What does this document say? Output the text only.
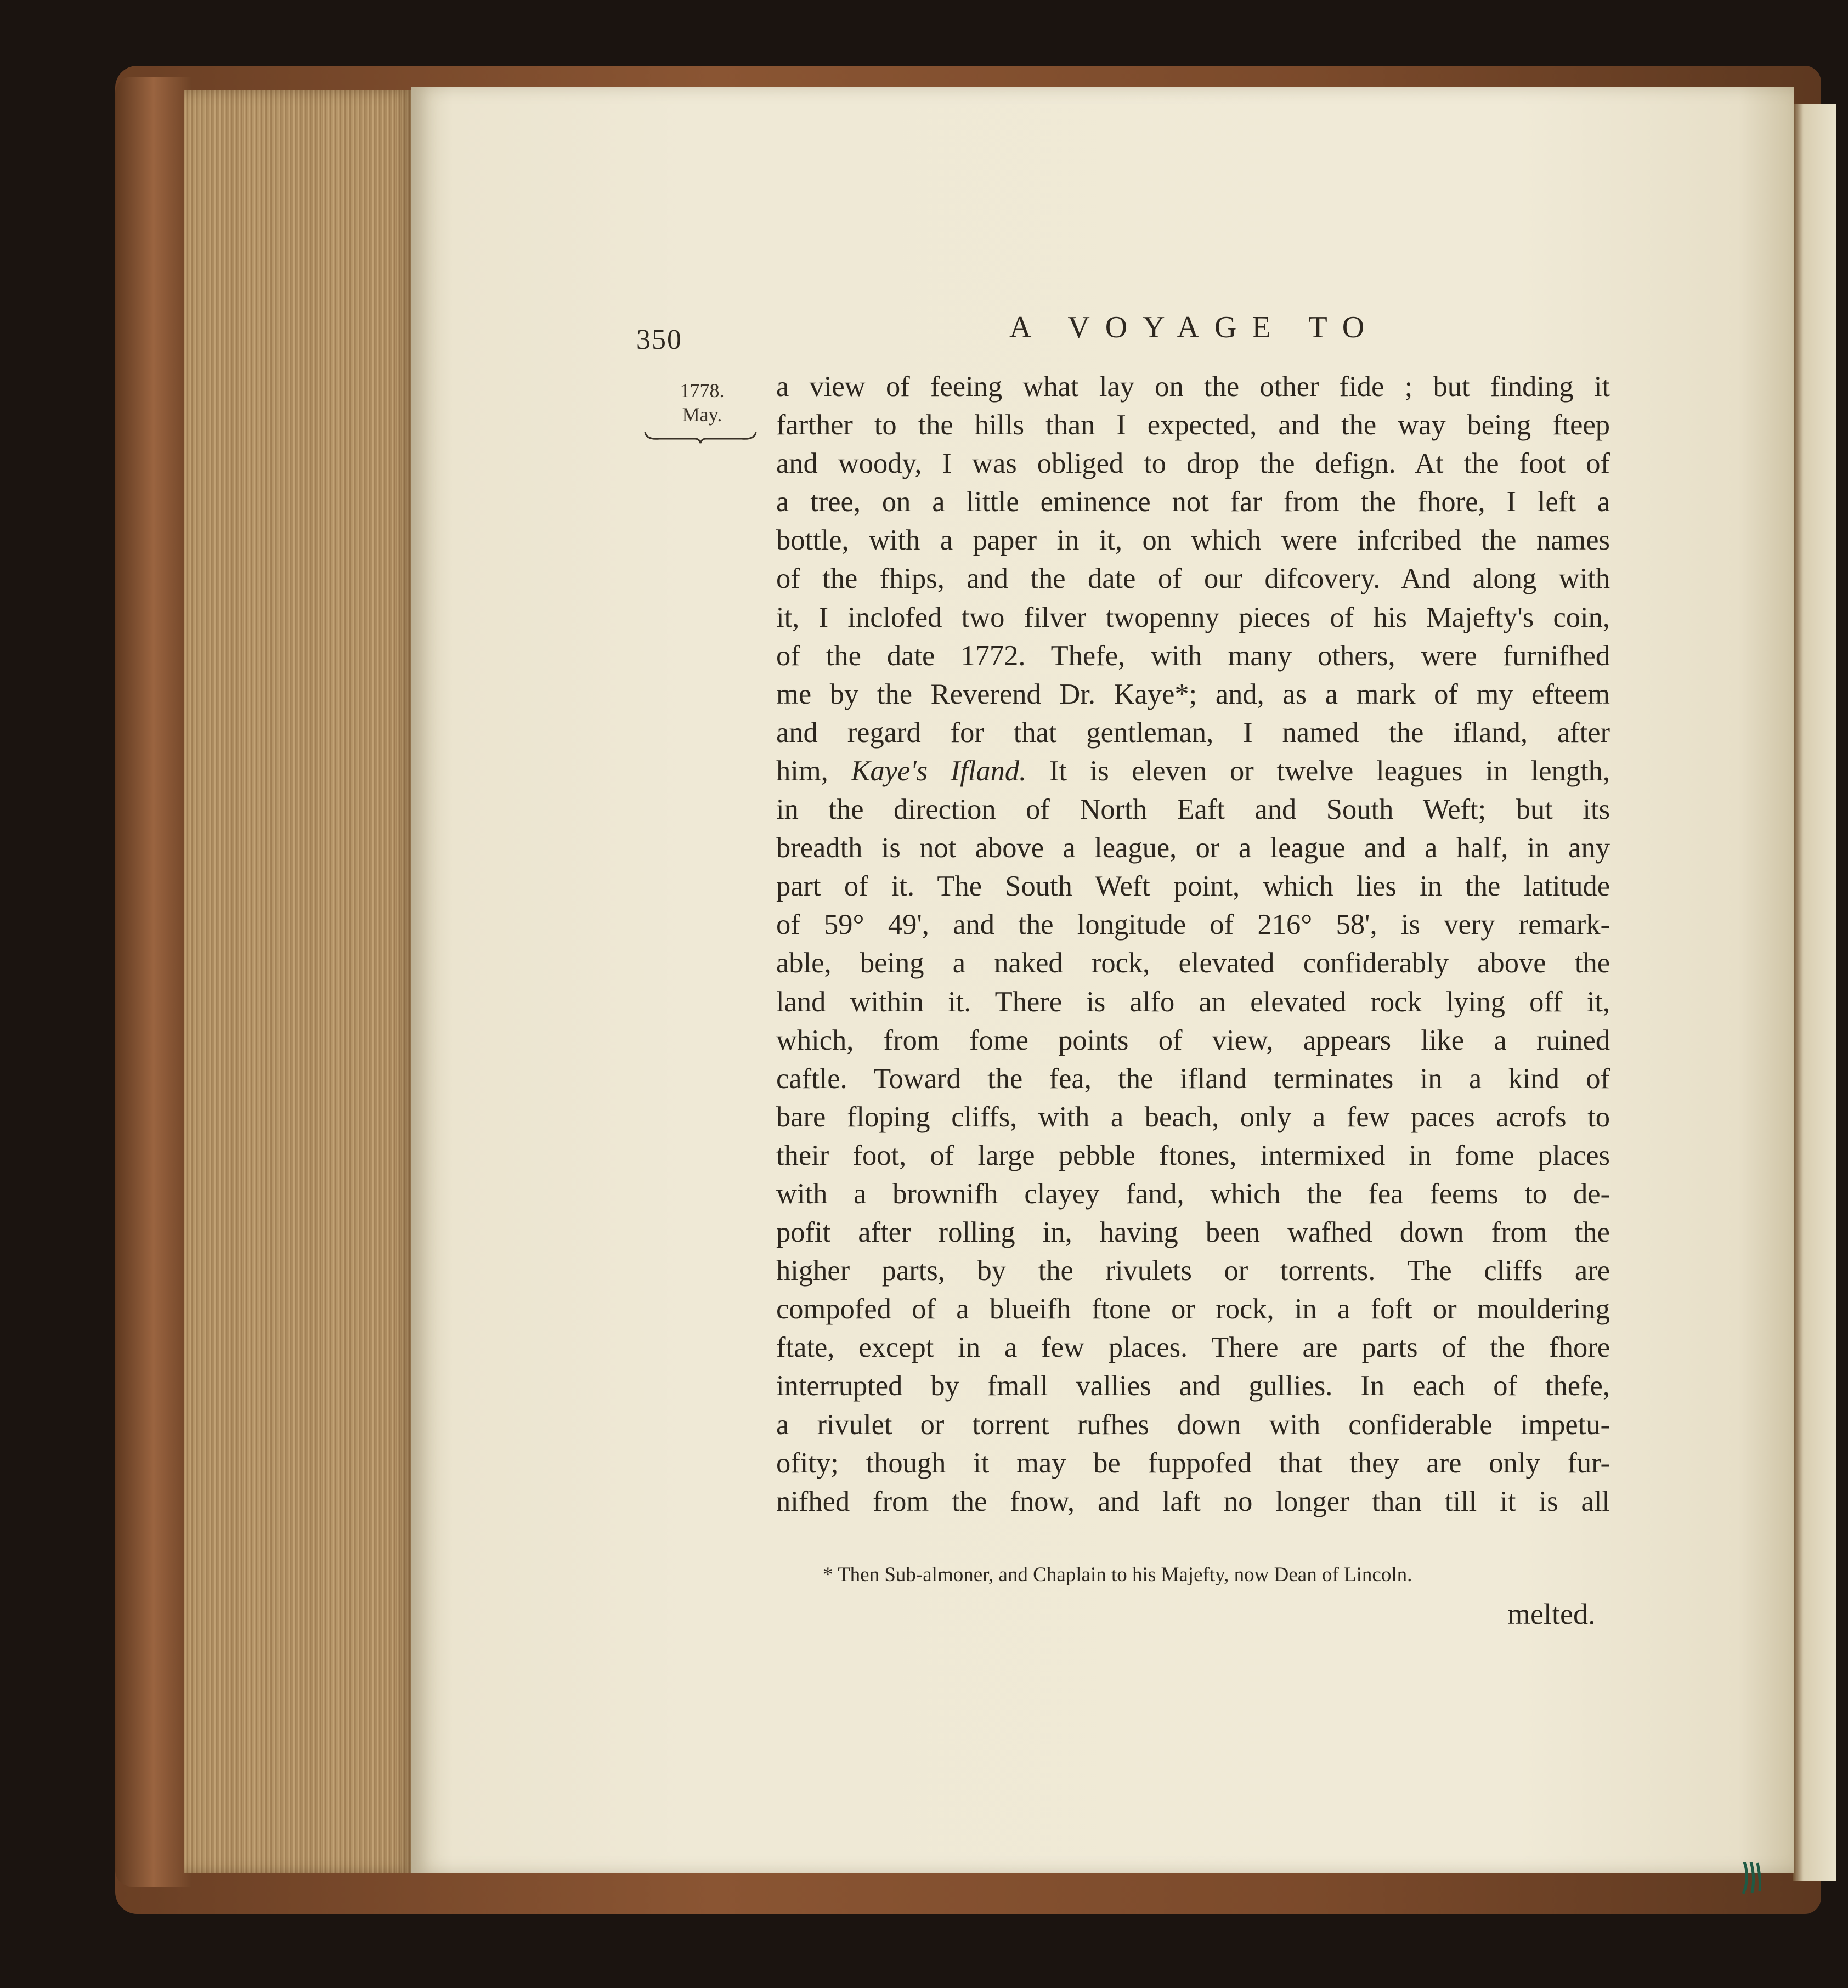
350	A VOYAGE TO
1778.
May.
a view of feeing what lay on the other fide ; but finding it
farther to the hills than I expected, and the way being fteep
and woody, I was obliged to drop the defign. At the foot of
a tree, on a little eminence not far from the fhore, I left a
bottle, with a paper in it, on which were infcribed the names
of the fhips, and the date of our difcovery. And along with
it, I inclofed two filver twopenny pieces of his Majefty's coin,
of the date 1772. Thefe, with many others, were furnifhed
me by the Reverend Dr. Kaye*; and, as a mark of my efteem
and regard for that gentleman, I named the ifland, after
him, Kaye's Ifland. It is eleven or twelve leagues in length,
in the direction of North Eaft and South Weft; but its
breadth is not above a league, or a league and a half, in any
part of it. The South Weft point, which lies in the latitude
of 59° 49', and the longitude of 216° 58', is very remark-
able, being a naked rock, elevated confiderably above the
land within it. There is alfo an elevated rock lying off it,
which, from fome points of view, appears like a ruined
caftle. Toward the fea, the ifland terminates in a kind of
bare floping cliffs, with a beach, only a few paces acrofs to
their foot, of large pebble ftones, intermixed in fome places
with a brownifh clayey fand, which the fea feems to de-
pofit after rolling in, having been wafhed down from the
higher parts, by the rivulets or torrents. The cliffs are
compofed of a blueifh ftone or rock, in a foft or mouldering
ftate, except in a few places. There are parts of the fhore
interrupted by fmall vallies and gullies. In each of thefe,
a rivulet or torrent rufhes down with confiderable impetu-
ofity; though it may be fuppofed that they are only fur-
nifhed from the fnow, and laft no longer than till it is all
* Then Sub-almoner, and Chaplain to his Majefty, now Dean of Lincoln.
melted.
